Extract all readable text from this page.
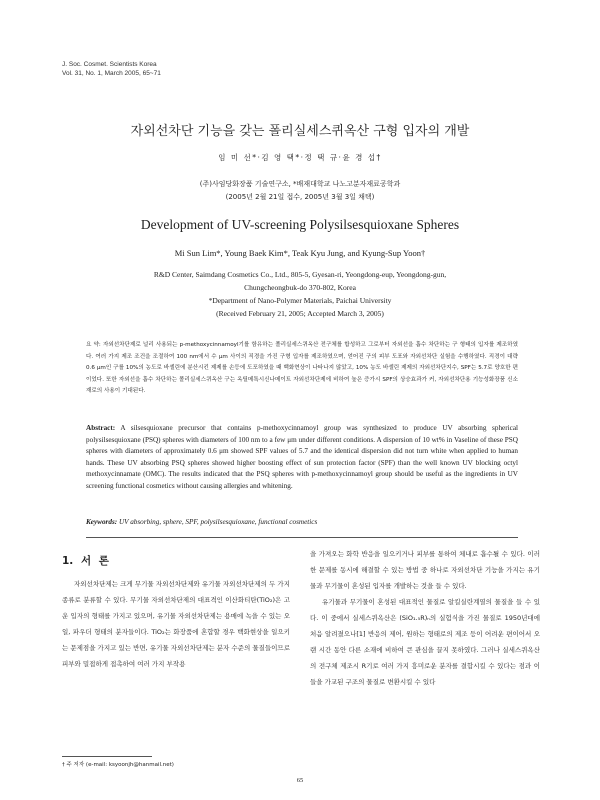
J. Soc. Cosmet. Scientists Korea
Vol. 31, No. 1, March 2005, 65~71
자외선차단 기능을 갖는 폴리실세스퀴옥산 구형 입자의 개발
임 미 선*·김 영 택*·정 택 규·윤 경 섭†
(주)사임당화장품 기술연구소, *배재대학교 나노고분자재료공학과
(2005년 2월 21일 접수, 2005년 3월 3일 채택)
Development of UV-screening Polysilsesquioxane Spheres
Mi Sun Lim*, Young Baek Kim*, Teak Kyu Jung, and Kyung-Sup Yoon†
R&D Center, Saimdang Cosmetics Co., Ltd., 805-5, Gyesan-ri, Yeongdong-eup, Yeongdong-gun,
Chungcheongbuk-do 370-802, Korea
*Department of Nano-Polymer Materials, Paichai University
(Received February 21, 2005; Accepted March 3, 2005)
요 약: 자외선차단제로 널리 사용되는 p-methoxycinnamoyl기를 함유하는 폴리실세스퀴옥산 전구체를 합성하고 그로부터 자외선을 흡수 차단하는 구 형태의 입자를 제조하였다. 여러 가지 제조 조건을 조절하여 100 nm에서 수 μm 사이의 직경을 가진 구형 입자를 제조하였으며, 얻어진 구의 피부 도포와 자외선차단 실험을 수행하였다. 직경이 대략 0.6 μm인 구를 10%의 농도로 바셀린에 분산시킨 제제를 손등에 도포하였을 때 백화현상이 나타나지 않았고, 10% 농도 바셀린 제제의 자외선차단지수, SPF는 5.7로 양호한 편이었다. 또한 자외선을 흡수 차단하는 폴리실세스퀴옥산 구는 옥틸메톡시신나메이트 자외선차단제에 비하여 높은 증가시 SPF의 상승효과가 커, 자외선차단용 기능성화장품 신소재로의 사용이 기대된다.
Abstract: A silsesquioxane precursor that contains p-methoxycinnamoyl group was synthesized to produce UV absorbing spherical polysilsesquioxane (PSQ) spheres with diameters of 100 nm to a few μm under different conditions. A dispersion of 10 wt% in Vaseline of these PSQ spheres with diameters of approximately 0.6 μm showed SPF values of 5.7 and the identical dispersion did not turn white when applied to human hands. These UV absorbing PSQ spheres showed higher boosting effect of sun protection factor (SPF) than the well known UV blocking octyl methoxycinnamate (OMC). The results indicated that the PSQ spheres with p-methoxycinnamoyl group should be useful as the ingredients in UV screening functional cosmetics without causing allergies and whitening.
Keywords: UV absorbing, sphere, SPF, polysilsesquioxane, functional cosmetics
1. 서 론
자외선차단제는 크게 무기물 자외선차단제와 유기물 자외선차단제의 두 가지 종류로 분류할 수 있다. 무기물 자외선차단제의 대표격인 이산화티탄(TiO₂)은 고운 입자의 형태를 가지고 있으며, 유기물 자외선차단제는 용매에 녹을 수 있는 오일, 파우더 형태의 분자들이다. TiO₂는 화장품에 혼합할 경우 백화현상을 일으키는 문제점을 가지고 있는 반면, 유기물 자외선차단제는 분자 수준의 물질들이므로 피부와 밀접하게 접촉하여 여러 가지 부작용

을 가져오는 화학 반응을 일으키거나 피부를 통하여 체내로 흡수될 수 있다. 이러한 문제를 동시에 해결할 수 있는 방법 중 하나로 자외선차단 기능을 가지는 유기물과 무기물이 혼성된 입자를 개발하는 것을 들 수 있다.

유기물과 무기물이 혼성된 대표적인 물질로 알킬실란계열의 물질을 들 수 있다. 이 중에서 실세스퀴옥산은 (SiO₁.₅R)ₙ의 실험식을 가진 물질로 1950년대에 처음 알려졌으나[1] 반응의 제어, 원하는 형태로의 제조 등이 어려운 편이어서 오랜 시간 동안 다른 소재에 비하여 큰 관심을 끌지 못하였다. 그러나 실세스퀴옥산의 전구체 제조시 R기로 여러 가지 흥미로운 분자를 결합시킬 수 있다는 점과 이들을 가교된 구조의 물질로 변환시킬 수 있다

† 주 저자 (e-mail: ksyoonjh@hanmail.net)
65
